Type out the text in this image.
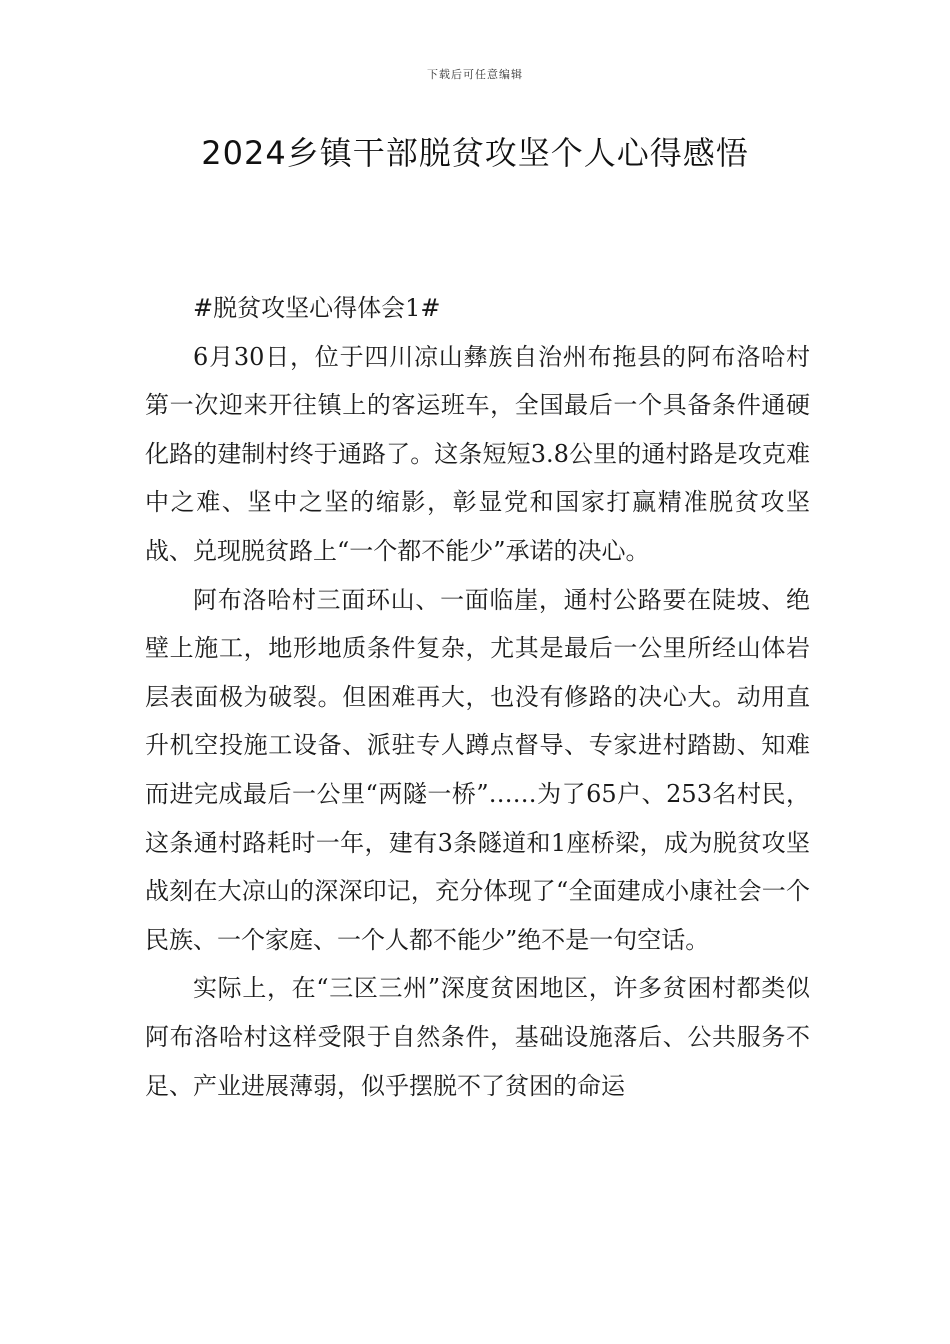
下载后可任意编辑
2024乡镇干部脱贫攻坚个人心得感悟

#脱贫攻坚心得体会1#

6月30日，位于四川凉山彝族自治州布拖县的阿布洛哈村第一次迎来开往镇上的客运班车，全国最后一个具备条件通硬化路的建制村终于通路了。这条短短3.8公里的通村路是攻克难中之难、坚中之坚的缩影，彰显党和国家打赢精准脱贫攻坚战、兑现脱贫路上“一个都不能少”承诺的决心。

阿布洛哈村三面环山、一面临崖，通村公路要在陡坡、绝壁上施工，地形地质条件复杂，尤其是最后一公里所经山体岩层表面极为破裂。但困难再大，也没有修路的决心大。动用直升机空投施工设备、派驻专人蹲点督导、专家进村踏勘、知难而进完成最后一公里“两隧一桥”……为了65户、253名村民，这条通村路耗时一年，建有3条隧道和1座桥梁，成为脱贫攻坚战刻在大凉山的深深印记，充分体现了“全面建成小康社会一个民族、一个家庭、一个人都不能少”绝不是一句空话。

实际上，在“三区三州”深度贫困地区，许多贫困村都类似阿布洛哈村这样受限于自然条件，基础设施落后、公共服务不足、产业进展薄弱，似乎摆脱不了贫困的命运
